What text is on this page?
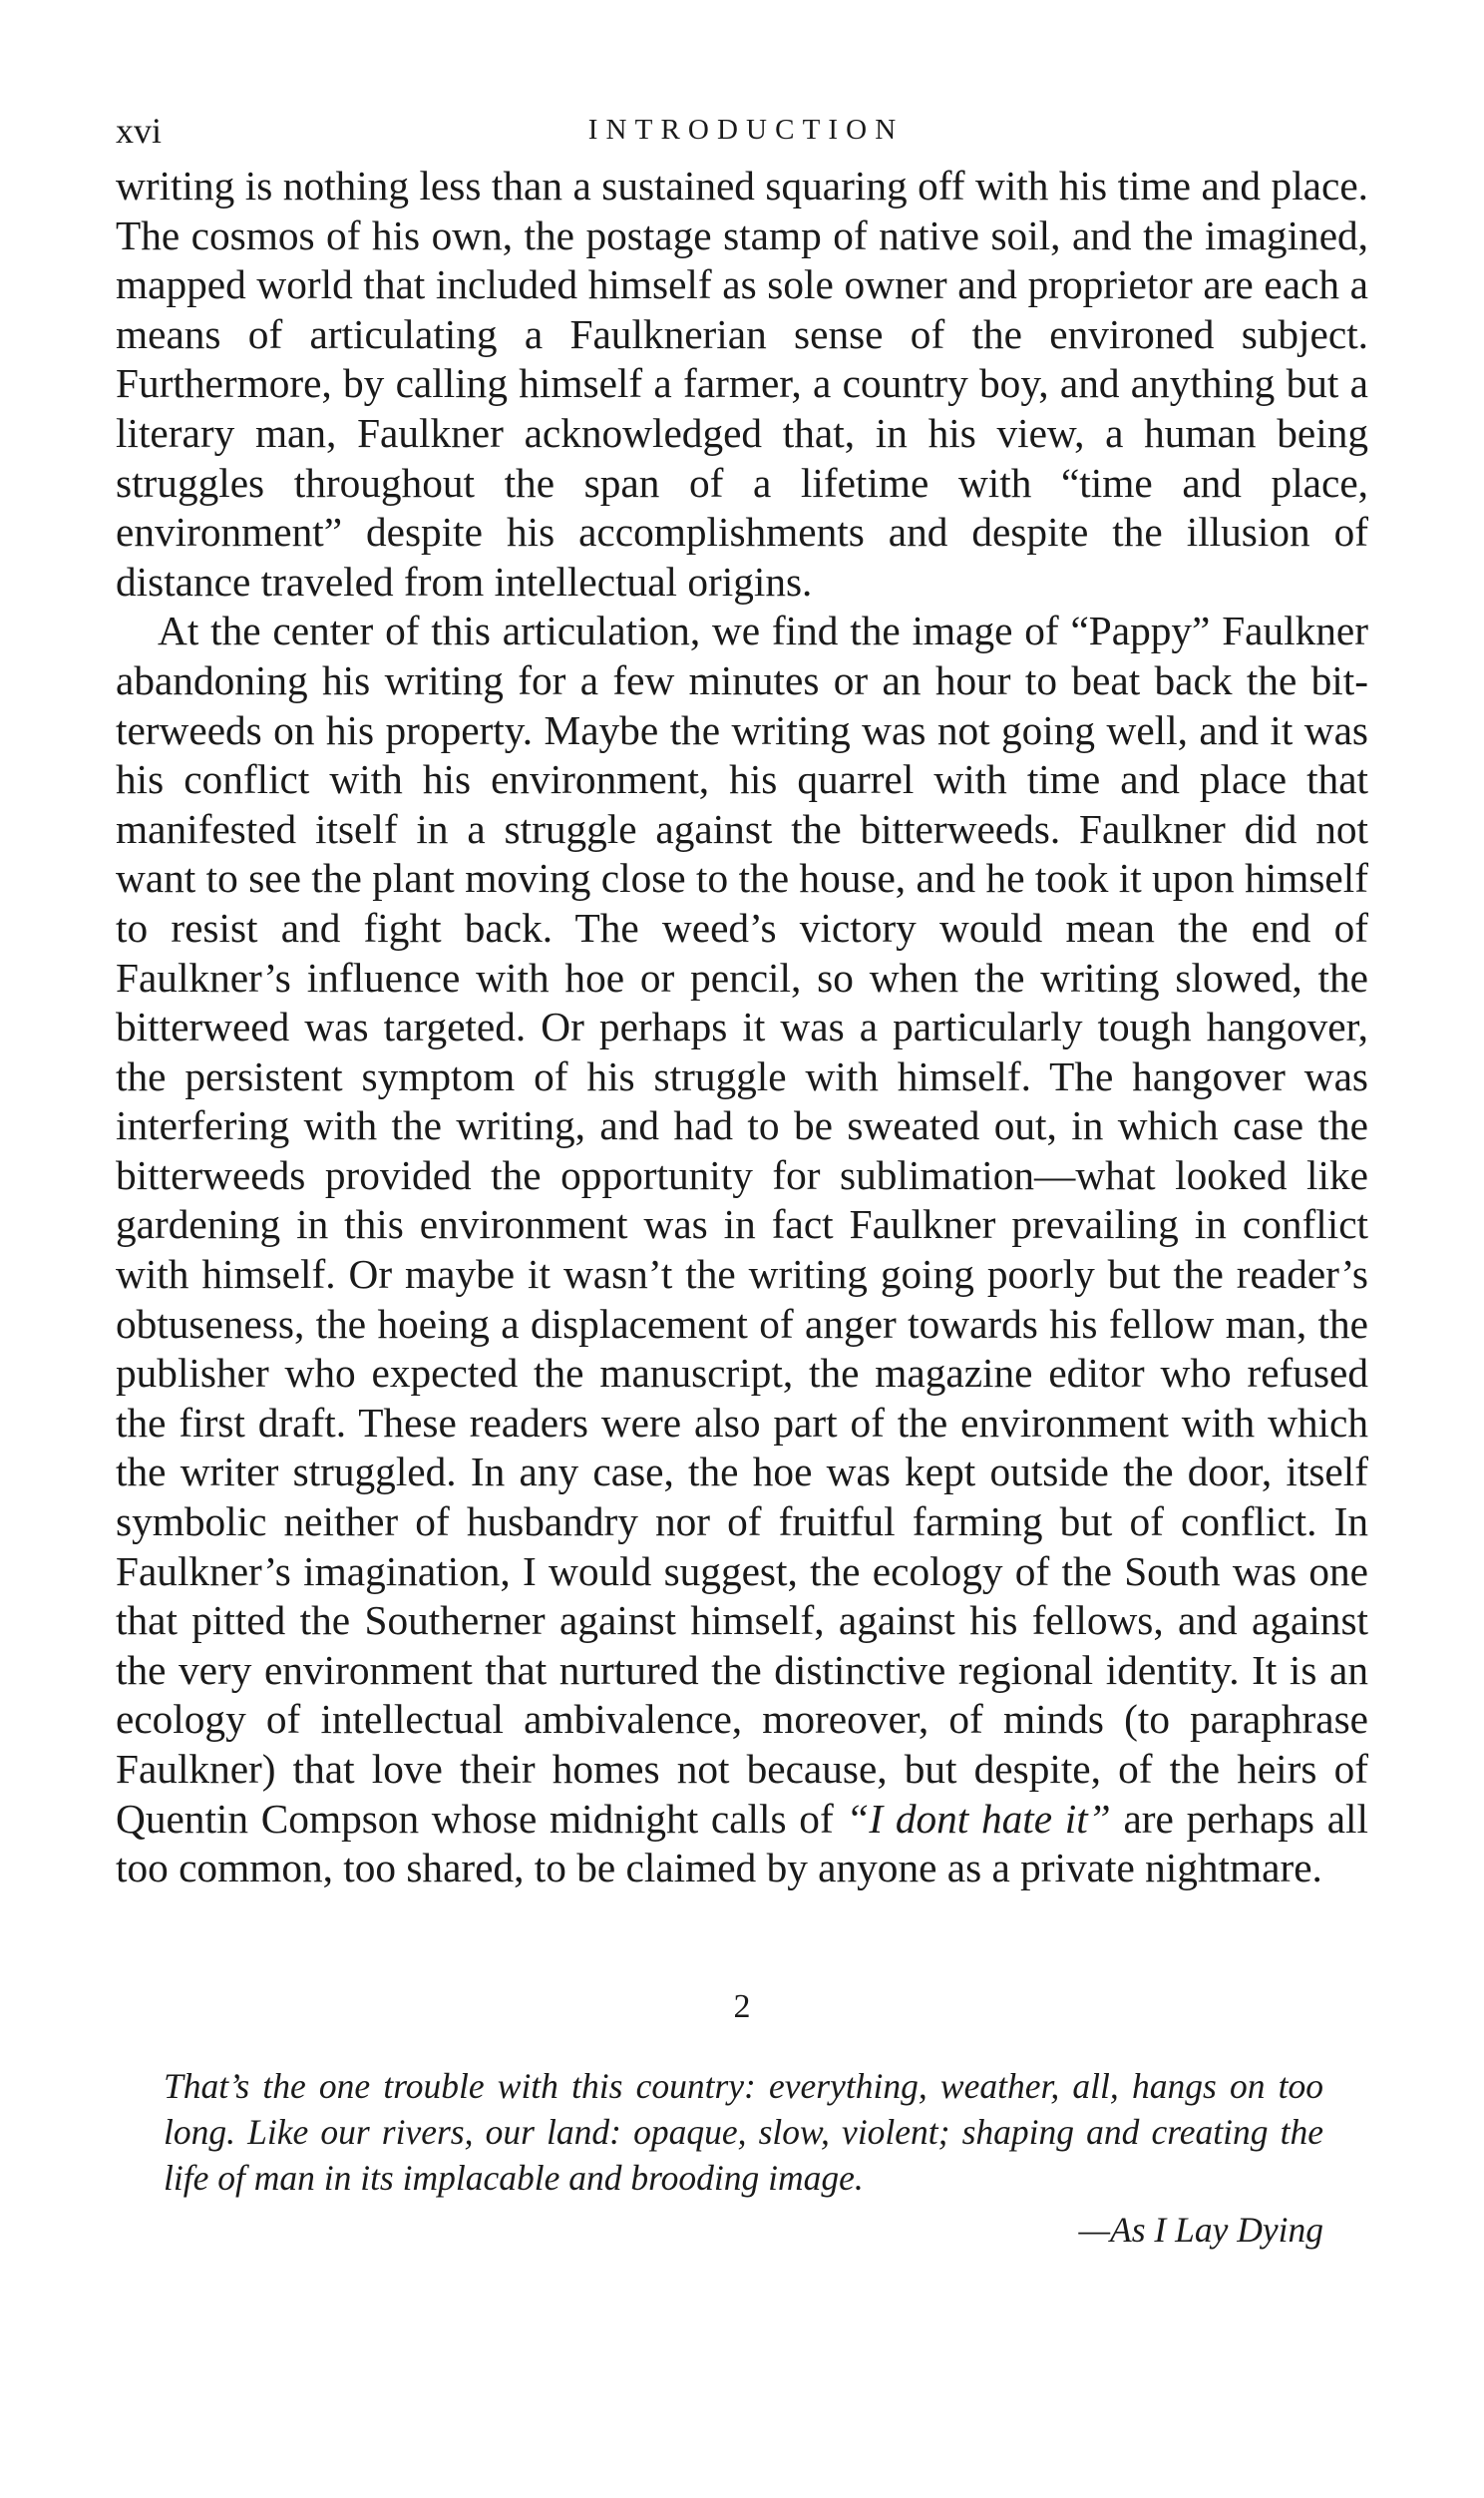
xvi	INTRODUCTION

writing is nothing less than a sustained squaring off with his time and place. The cosmos of his own, the postage stamp of native soil, and the imagined, mapped world that included himself as sole owner and proprietor are each a means of articulating a Faulknerian sense of the environed subject. Furthermore, by calling himself a farmer, a country boy, and anything but a literary man, Faulkner acknowledged that, in his view, a human being struggles throughout the span of a lifetime with “time and place, environment” despite his accomplishments and despite the illusion of distance traveled from intellectual origins.

At the center of this articulation, we find the image of “Pappy” Faulkner abandoning his writing for a few minutes or an hour to beat back the bitterweeds on his property. Maybe the writing was not going well, and it was his conflict with his environment, his quarrel with time and place that manifested itself in a struggle against the bitterweeds. Faulkner did not want to see the plant moving close to the house, and he took it upon himself to resist and fight back. The weed’s victory would mean the end of Faulkner’s influence with hoe or pencil, so when the writing slowed, the bitterweed was targeted. Or perhaps it was a particularly tough hangover, the persistent symptom of his struggle with himself. The hangover was interfering with the writing, and had to be sweated out, in which case the bitterweeds provided the opportunity for sublimation—what looked like gardening in this environment was in fact Faulkner prevailing in conflict with himself. Or maybe it wasn’t the writing going poorly but the reader’s obtuseness, the hoeing a displacement of anger towards his fellow man, the publisher who expected the manuscript, the magazine editor who refused the first draft. These readers were also part of the environment with which the writer struggled. In any case, the hoe was kept outside the door, itself symbolic neither of husbandry nor of fruitful farming but of conflict. In Faulkner’s imagination, I would suggest, the ecology of the South was one that pitted the Southerner against himself, against his fellows, and against the very environment that nurtured the distinctive regional identity. It is an ecology of intellectual ambivalence, moreover, of minds (to paraphrase Faulkner) that love their homes not because, but despite, of the heirs of Quentin Compson whose midnight calls of “I dont hate it” are perhaps all too common, too shared, to be claimed by anyone as a private nightmare.

2
That’s the one trouble with this country: everything, weather, all, hangs on too long. Like our rivers, our land: opaque, slow, violent; shaping and creating the life of man in its implacable and brooding image.
—As I Lay Dying
